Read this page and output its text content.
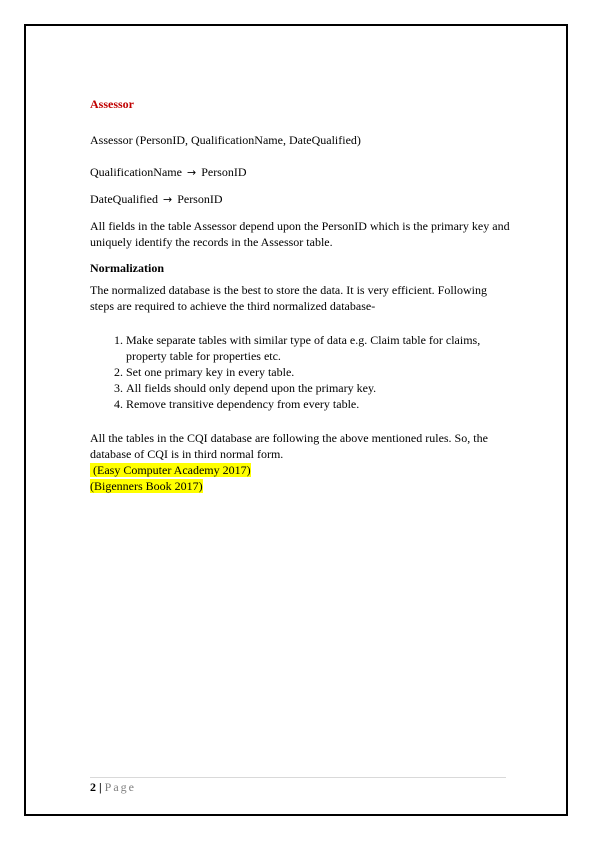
Assessor

Assessor (PersonID, QualificationName, DateQualified)

QualificationName → PersonID

DateQualified → PersonID

All fields in the table Assessor depend upon the PersonID which is the primary key and uniquely identify the records in the Assessor table.

Normalization

The normalized database is the best to store the data. It is very efficient. Following steps are required to achieve the third normalized database-

1. Make separate tables with similar type of data e.g. Claim table for claims, property table for properties etc.
2. Set one primary key in every table.
3. All fields should only depend upon the primary key.
4. Remove transitive dependency from every table.

All the tables in the CQI database are following the above mentioned rules. So, the database of CQI is in third normal form.

(Easy Computer Academy 2017)

(Bigenners Book 2017)

2 | Page
